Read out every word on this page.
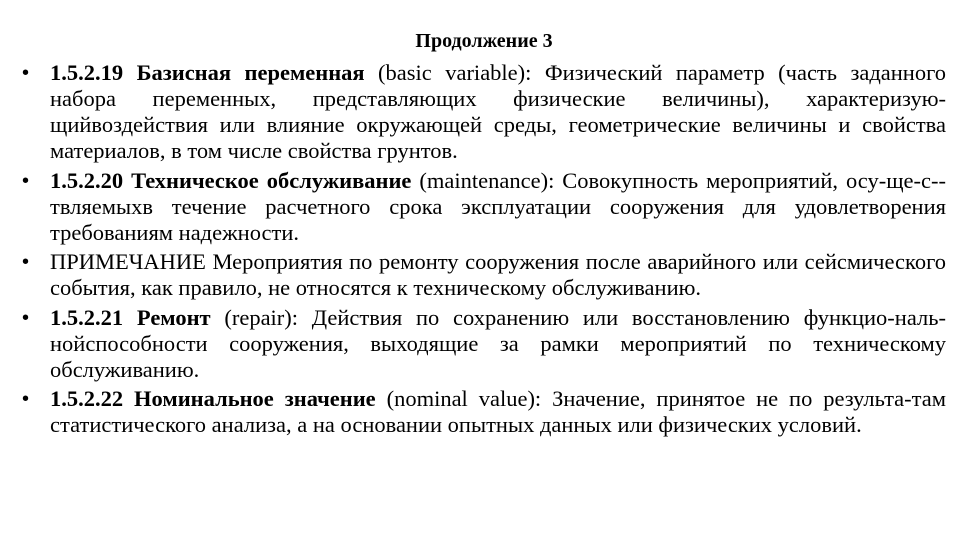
Продолжение 3
• 1.5.2.19 Базисная переменная (basic variable): Физический параметр (часть заданного набора переменных, представляющих физические величины), характеризую-щийвоздействия или влияние окружающей среды, геометрические величины и свойства материалов, в том числе свойства грунтов.
• 1.5.2.20 Техническое обслуживание (maintenance): Совокупность мероприятий, осу-ще-с--твляемыхв течение расчетного срока эксплуатации сооружения для удовлетворения требованиям надежности.
• ПРИМЕЧАНИЕ Мероприятия по ремонту сооружения после аварийного или сейсмического события, как правило, не относятся к техническому обслуживанию.
• 1.5.2.21 Ремонт (repair): Действия по сохранению или восстановлению функцио-наль-нойспособности сооружения, выходящие за рамки мероприятий по техническому обслуживанию.
• 1.5.2.22 Номинальное значение (nominal value): Значение, принятое не по результа-там статистического анализа, а на основании опытных данных или физических условий.
